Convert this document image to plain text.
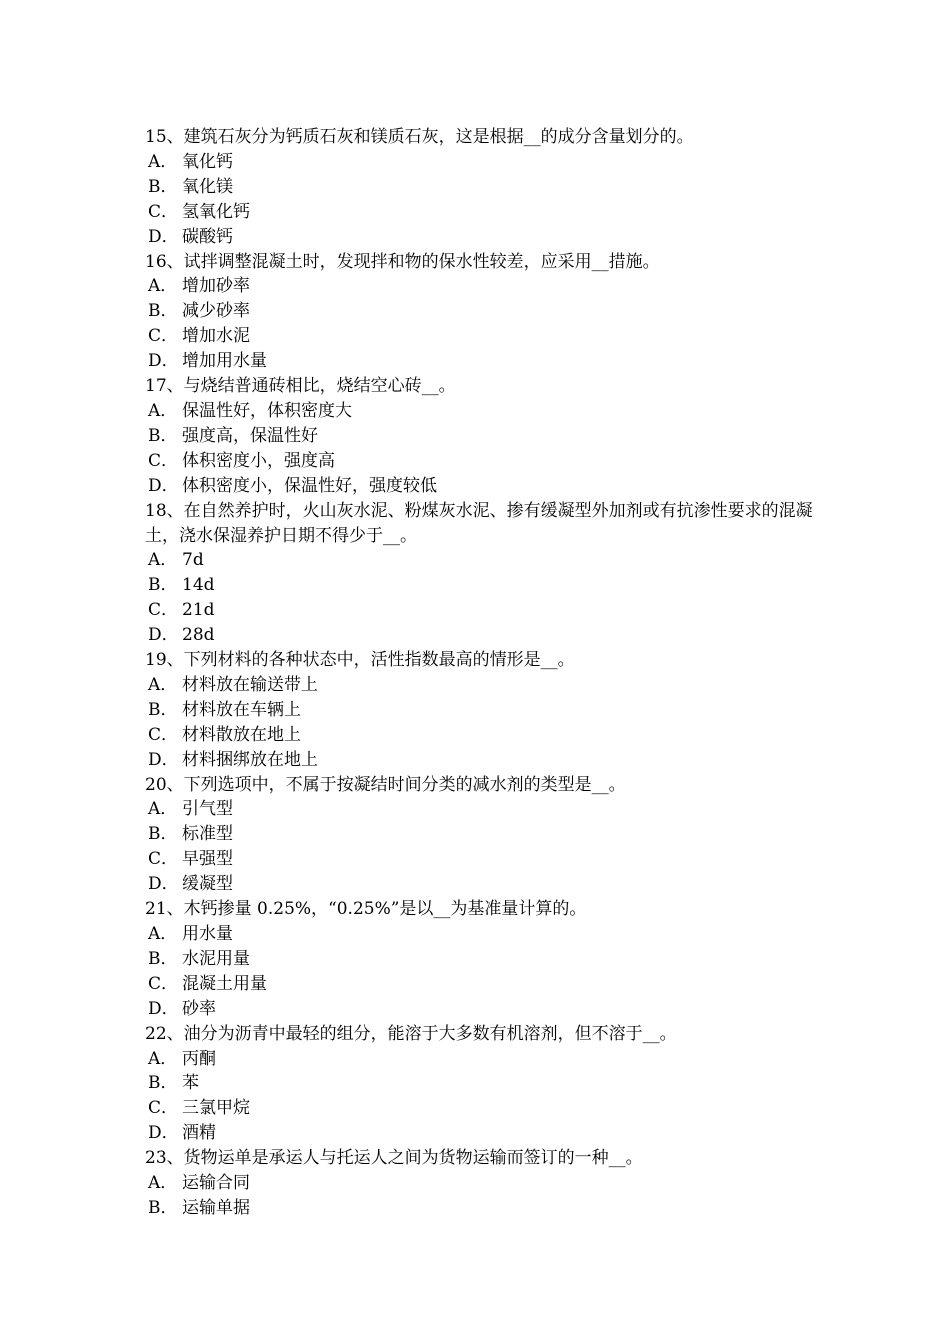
15、建筑石灰分为钙质石灰和镁质石灰，这是根据__的成分含量划分的。

A． 氧化钙

B． 氧化镁

C． 氢氧化钙

D． 碳酸钙

16、试拌调整混凝土时，发现拌和物的保水性较差，应采用__措施。

A． 增加砂率

B． 减少砂率

C． 增加水泥

D． 增加用水量

17、与烧结普通砖相比，烧结空心砖__。

A． 保温性好，体积密度大

B． 强度高，保温性好

C． 体积密度小，强度高

D． 体积密度小，保温性好，强度较低

18、在自然养护时，火山灰水泥、粉煤灰水泥、掺有缓凝型外加剂或有抗渗性要求的混凝土，浇水保湿养护日期不得少于__。

A． 7d

B． 14d

C． 21d

D． 28d

19、下列材料的各种状态中，活性指数最高的情形是__。

A． 材料放在输送带上

B． 材料放在车辆上

C． 材料散放在地上

D． 材料捆绑放在地上

20、下列选项中，不属于按凝结时间分类的减水剂的类型是__。

A． 引气型

B． 标准型

C． 早强型

D． 缓凝型

21、木钙掺量 0.25%，“0.25%”是以__为基准量计算的。

A． 用水量

B． 水泥用量

C． 混凝土用量

D． 砂率

22、油分为沥青中最轻的组分，能溶于大多数有机溶剂，但不溶于__。

A． 丙酮

B． 苯

C． 三氯甲烷

D． 酒精

23、货物运单是承运人与托运人之间为货物运输而签订的一种__。

A． 运输合同

B． 运输单据
